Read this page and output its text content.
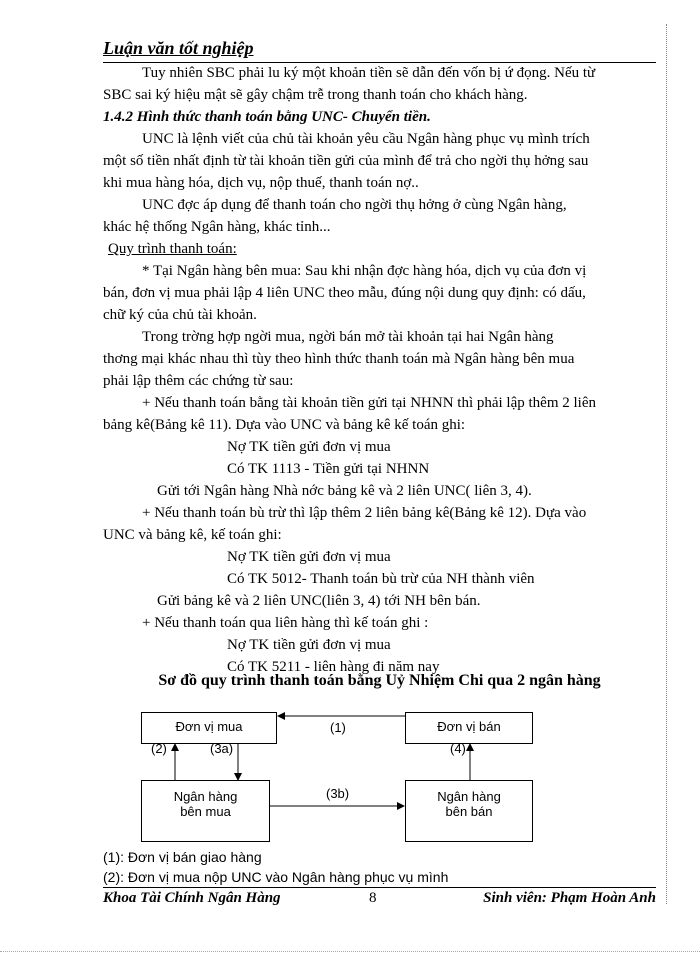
Luận văn tốt nghiệp
Tuy nhiên SBC phải lu ký một khoản tiền sẽ dẫn đến vốn bị ứ đọng. Nếu từ
SBC sai ký hiệu mật sẽ gây chậm trễ trong thanh toán cho khách hàng.
1.4.2 Hình thức thanh toán bằng UNC- Chuyển tiền.
UNC là lệnh viết của chủ tài khoản yêu cầu Ngân hàng phục vụ mình trích
một số tiền nhất định từ tài khoản tiền gửi của mình để trả cho ngời thụ hởng sau
khi mua hàng hóa, dịch vụ, nộp thuế, thanh toán nợ..
UNC đợc áp dụng để thanh toán cho ngời thụ hởng ở cùng Ngân hàng,
khác hệ thống Ngân hàng, khác tỉnh...
Quy trình thanh toán:
* Tại Ngân hàng bên mua: Sau khi nhận đợc hàng hóa, dịch vụ của đơn vị
bán, đơn vị mua phải lập 4 liên UNC theo mẫu, đúng nội dung quy định: có dấu,
chữ ký của chủ tài khoản.
Trong trờng hợp ngời mua, ngời bán mở tài khoản tại hai Ngân hàng
thơng mại khác nhau thì tùy theo hình thức thanh toán mà Ngân hàng bên mua
phải lập thêm các chứng từ sau:
+ Nếu thanh toán bằng tài khoản tiền gửi tại NHNN thì phải lập thêm 2 liên
bảng kê(Bảng kê 11). Dựa vào UNC và bảng kê kế toán ghi:
Nợ TK tiền gửi đơn vị mua
Có TK 1113 - Tiền gửi tại NHNN
Gửi tới Ngân hàng Nhà nớc bảng kê và 2 liên UNC( liên 3, 4).
+ Nếu thanh toán bù trừ thì lập thêm 2 liên bảng kê(Bảng kê 12). Dựa vào
UNC và bảng kê, kế toán ghi:
Nợ TK tiền gửi đơn vị mua
Có TK 5012- Thanh toán bù trừ của NH thành viên
Gửi bảng kê và 2 liên UNC(liên 3, 4) tới NH bên bán.
+ Nếu thanh toán qua liên hàng thì kế toán ghi :
Nợ TK tiền gửi đơn vị mua
Có TK 5211 - liên hàng đi năm nay
Sơ đồ quy trình thanh toán bằng Uỷ Nhiệm Chi qua 2 ngân hàng
Đơn vị mua	Đơn vị bán
Ngân hàng
bên mua
Ngân hàng
bên bán
(1)
(2)	(3a)
(3b)
(4)
(1): Đơn vị bán giao hàng
(2): Đơn vị mua nộp UNC vào Ngân hàng phục vụ mình
Khoa Tài Chính Ngân Hàng	8	Sinh viên: Phạm Hoàn Anh
